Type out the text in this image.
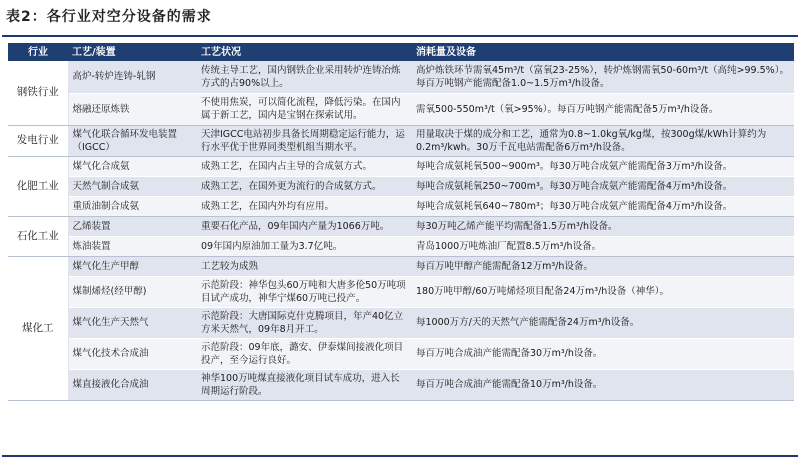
表2：各行业对空分设备的需求
行业	工艺/装置	工艺状况	消耗量及设备
钢铁行业	高炉-转炉连铸-轧钢	传统主导工艺，国内钢铁企业采用转炉连铸冶炼方式的占90%以上。	高炉炼铁环节需氧45m³/t（富氧23-25%），转炉炼钢需氧50-60m³/t（高纯>99.5%）。每百万吨钢产能需配备1.0~1.5万m³/h设备。
	熔融还原炼铁	不使用焦炭，可以简化流程，降低污染。在国内属于新工艺，国内是宝钢在探索试用。	需氧500-550m³/t（氧>95%）。每百万吨钢产能需配备5万m³/h设备。
发电行业	煤气化联合循环发电装置（IGCC）	天津IGCC电站初步具备长周期稳定运行能力，运行水平优于世界同类型机组当期水平。	用量取决于煤的成分和工艺，通常为0.8~1.0kg氧/kg煤，按300g煤/kWh计算约为0.2m³/kwh。30万千瓦电站需配备6万m³/h设备。
化肥工业	煤气化合成氨	成熟工艺，在国内占主导的合成氨方式。	每吨合成氨耗氧500~900m³。每30万吨合成氨产能需配备3万m³/h设备。
	天然气制合成氨	成熟工艺，在国外更为流行的合成氨方式。	每吨合成氨耗氧250~700m³。每30万吨合成氨产能需配备4万m³/h设备。
	重质油制合成氨	成熟工艺，在国内外均有应用。	每吨合成氨耗氧640~780m³；每30万吨合成氨产能需配备4万m³/h设备。
石化工业	乙烯装置	重要石化产品，09年国内产量为1066万吨。	每30万吨乙烯产能平均需配备1.5万m³/h设备。
	炼油装置	09年国内原油加工量为3.7亿吨。	青岛1000万吨炼油厂配置8.5万m³/h设备。
煤化工	煤气化生产甲醇	工艺较为成熟	每百万吨甲醇产能需配备12万m³/h设备。
	煤制烯烃(经甲醇)	示范阶段：神华包头60万吨和大唐多伦50万吨项目试产成功，神华宁煤60万吨已投产。	180万吨甲醇/60万吨烯烃项目配备24万m³/h设备（神华）。
	煤气化生产天然气	示范阶段：大唐国际克什克腾项目，年产40亿立方米天然气，09年8月开工。	每1000万方/天的天然气产能需配备24万m³/h设备。
	煤气化技术合成油	示范阶段：09年底，潞安、伊泰煤间接液化项目投产，至今运行良好。	每百万吨合成油产能需配备30万m³/h设备。
	煤直接液化合成油	神华100万吨煤直接液化项目试车成功，进入长周期运行阶段。	每百万吨合成油产能需配备10万m³/h设备。
